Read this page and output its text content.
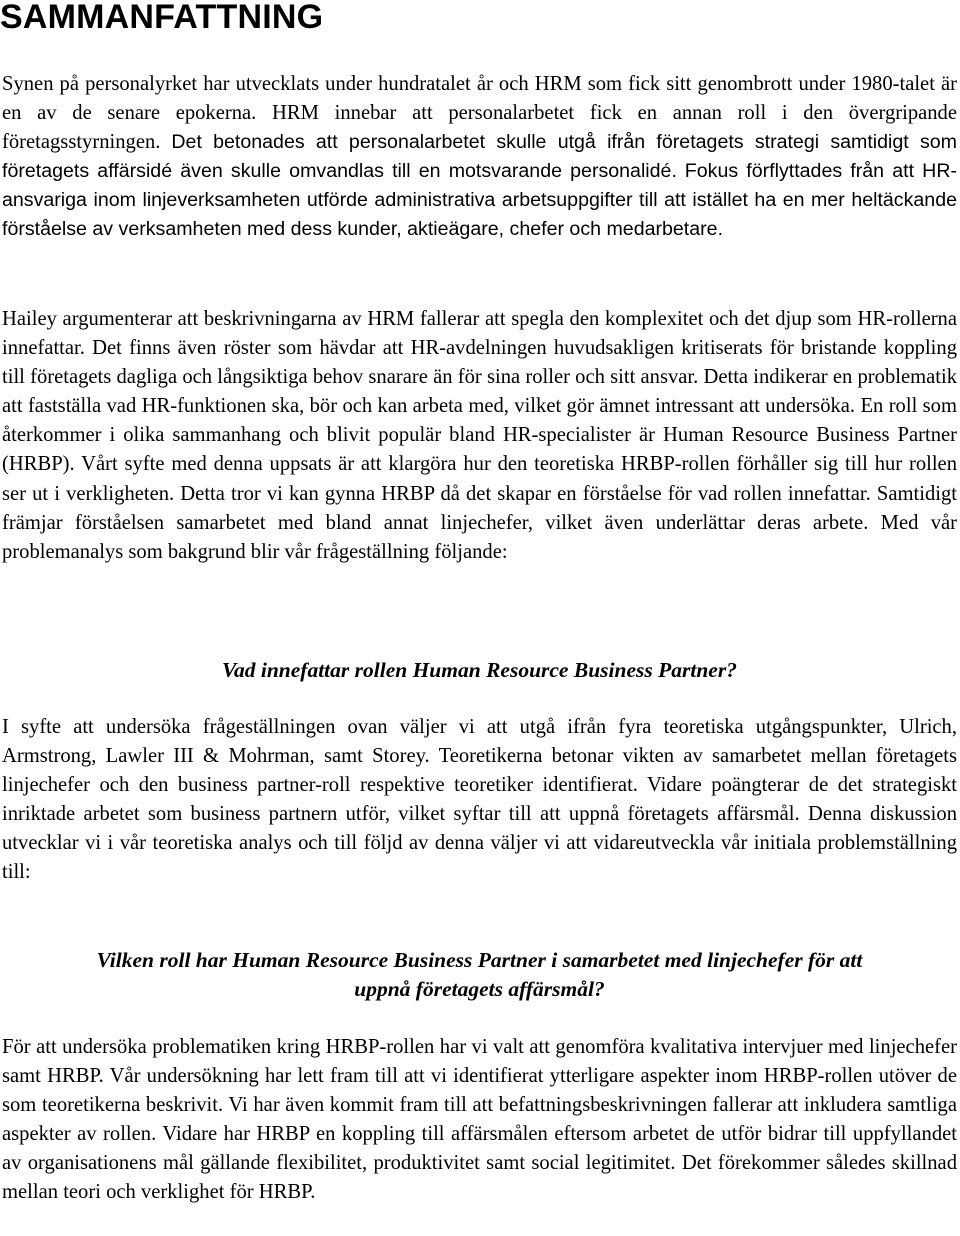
SAMMANFATTNING

Synen på personalyrket har utvecklats under hundratalet år och HRM som fick sitt genombrott under 1980-talet är en av de senare epokerna. HRM innebar att personalarbetet fick en annan roll i den övergripande företagsstyrningen. Det betonades att personalarbetet skulle utgå ifrån företagets strategi samtidigt som företagets affärsidé även skulle omvandlas till en motsvarande personalidé. Fokus förflyttades från att HR-ansvariga inom linjeverksamheten utförde administrativa arbetsuppgifter till att istället ha en mer heltäckande förståelse av verksamheten med dess kunder, aktieägare, chefer och medarbetare.

Hailey argumenterar att beskrivningarna av HRM fallerar att spegla den komplexitet och det djup som HR-rollerna innefattar. Det finns även röster som hävdar att HR-avdelningen huvudsakligen kritiserats för bristande koppling till företagets dagliga och långsiktiga behov snarare än för sina roller och sitt ansvar. Detta indikerar en problematik att fastställa vad HR-funktionen ska, bör och kan arbeta med, vilket gör ämnet intressant att undersöka. En roll som återkommer i olika sammanhang och blivit populär bland HR-specialister är Human Resource Business Partner (HRBP). Vårt syfte med denna uppsats är att klargöra hur den teoretiska HRBP-rollen förhåller sig till hur rollen ser ut i verkligheten. Detta tror vi kan gynna HRBP då det skapar en förståelse för vad rollen innefattar. Samtidigt främjar förståelsen samarbetet med bland annat linjechefer, vilket även underlättar deras arbete. Med vår problemanalys som bakgrund blir vår frågeställning följande:

Vad innefattar rollen Human Resource Business Partner?

I syfte att undersöka frågeställningen ovan väljer vi att utgå ifrån fyra teoretiska utgångspunkter, Ulrich, Armstrong, Lawler III & Mohrman, samt Storey. Teoretikerna betonar vikten av samarbetet mellan företagets linjechefer och den business partner-roll respektive teoretiker identifierat. Vidare poängterar de det strategiskt inriktade arbetet som business partnern utför, vilket syftar till att uppnå företagets affärsmål. Denna diskussion utvecklar vi i vår teoretiska analys och till följd av denna väljer vi att vidareutveckla vår initiala problemställning till:

Vilken roll har Human Resource Business Partner i samarbetet med linjechefer för att

uppnå företagets affärsmål?

För att undersöka problematiken kring HRBP-rollen har vi valt att genomföra kvalitativa intervjuer med linjechefer samt HRBP. Vår undersökning har lett fram till att vi identifierat ytterligare aspekter inom HRBP-rollen utöver de som teoretikerna beskrivit. Vi har även kommit fram till att befattningsbeskrivningen fallerar att inkludera samtliga aspekter av rollen. Vidare har HRBP en koppling till affärsmålen eftersom arbetet de utför bidrar till uppfyllandet av organisationens mål gällande flexibilitet, produktivitet samt social legitimitet. Det förekommer således skillnad mellan teori och verklighet för HRBP.
